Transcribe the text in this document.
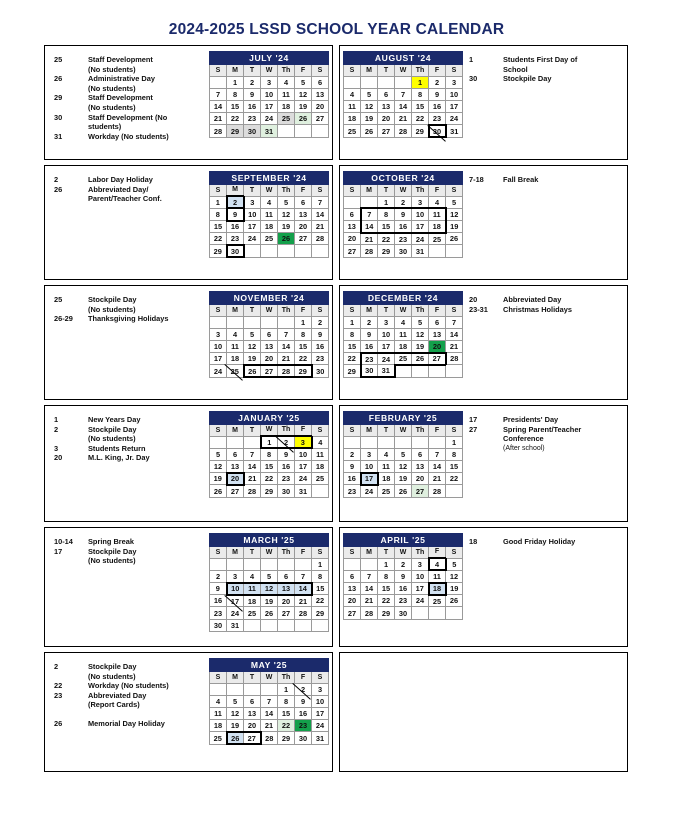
2024-2025 LSSD SCHOOL YEAR CALENDAR
25	Staff Development
(No students)
26	Administrative Day
(No students)
29	Staff Development
(No students)
30	Staff Development (No
students)
31	Workday (No students)
JULY '24						
S	M	T	W	Th	F	S
	1	2	3	4	5	6
7	8	9	10	11	12	13
14	15	16	17	18	19	20
21	22	23	24	25	26	27
28	29	30	31			
AUGUST '24						
S	M	T	W	Th	F	S
				1	2	3
4	5	6	7	8	9	10
11	12	13	14	15	16	17
18	19	20	21	22	23	24
25	26	27	28	29	30	31
1	Students First Day of
School
30	Stockpile Day
2	Labor Day Holiday
26	Abbreviated Day/
Parent/Teacher Conf.
SEPTEMBER '24						
S	M	T	W	Th	F	S
1	2	3	4	5	6	7
8	9	10	11	12	13	14
15	16	17	18	19	20	21
22	23	24	25	26	27	28
29	30					
OCTOBER '24						
S	M	T	W	Th	F	S
		1	2	3	4	5
6	7	8	9	10	11	12
13	14	15	16	17	18	19
20	21	22	23	24	25	26
27	28	29	30	31		
7-18	Fall Break
25	Stockpile Day
(No students)
26-29	Thanksgiving Holidays
NOVEMBER '24						
S	M	T	W	Th	F	S
					1	2
3	4	5	6	7	8	9
10	11	12	13	14	15	16
17	18	19	20	21	22	23
24	25	26	27	28	29	30
DECEMBER '24						
S	M	T	W	Th	F	S
1	2	3	4	5	6	7
8	9	10	11	12	13	14
15	16	17	18	19	20	21
22	23	24	25	26	27	28
29	30	31				
20	Abbreviated Day
23-31	Christmas Holidays
1	New Years Day
2	Stockpile Day
(No students)
3	Students Return
20	M.L. King, Jr. Day
JANUARY '25						
S	M	T	W	Th	F	S
			1	2	3	4
5	6	7	8	9	10	11
12	13	14	15	16	17	18
19	20	21	22	23	24	25
26	27	28	29	30	31	
FEBRUARY '25						
S	M	T	W	Th	F	S
						1
2	3	4	5	6	7	8
9	10	11	12	13	14	15
16	17	18	19	20	21	22
23	24	25	26	27	28	
17	Presidents' Day
27	Spring Parent/Teacher
Conference
(After school)
10-14	Spring Break
17	Stockpile Day
(No students)
MARCH '25						
S	M	T	W	Th	F	S
						1
2	3	4	5	6	7	8
9	10	11	12	13	14	15
16	17	18	19	20	21	22
23	24	25	26	27	28	29
30	31					
APRIL '25						
S	M	T	W	Th	F	S
		1	2	3	4	5
6	7	8	9	10	11	12
13	14	15	16	17	18	19
20	21	22	23	24	25	26
27	28	29	30			
18	Good Friday Holiday
2	Stockpile Day
(No students)
22	Workday (No students)
23	Abbreviated Day
(Report Cards)
26	Memorial Day Holiday
MAY '25						
S	M	T	W	Th	F	S
				1	2	3
4	5	6	7	8	9	10
11	12	13	14	15	16	17
18	19	20	21	22	23	24
25	26	27	28	29	30	31
